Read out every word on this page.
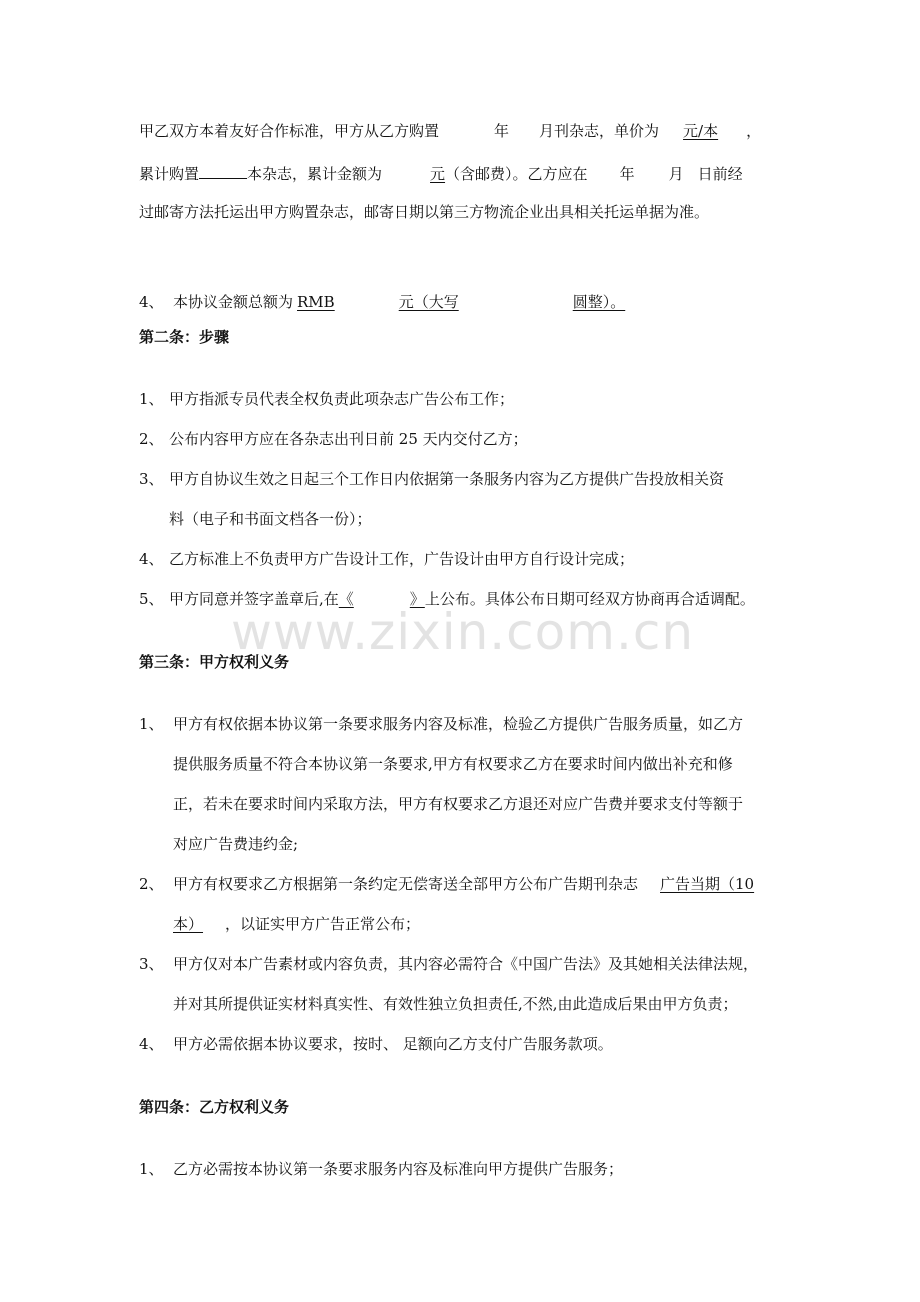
www.zixin.com.cn
甲乙双方本着友好合作标准，甲方从乙方购置	年 月刊杂志，单价为 元/本 ，
累计购置	本杂志，累计金额为	元（含邮费）。乙方应在 年 月 日前经
过邮寄方法托运出甲方购置杂志，邮寄日期以第三方物流企业出具相关托运单据为准。
4、 本协议金额总额为 RMB	元（大写	圆整）。
第二条：步骤
1、 甲方指派专员代表全权负责此项杂志广告公布工作；
2、 公布内容甲方应在各杂志出刊日前 25 天内交付乙方；
3、 甲方自协议生效之日起三个工作日内依据第一条服务内容为乙方提供广告投放相关资
料（电子和书面文档各一份）；
4、 乙方标准上不负责甲方广告设计工作，广告设计由甲方自行设计完成；
5、 甲方同意并签字盖章后,在《	》上公布。具体公布日期可经双方协商再合适调配。
第三条：甲方权利义务
1、 甲方有权依据本协议第一条要求服务内容及标准，检验乙方提供广告服务质量，如乙方
提供服务质量不符合本协议第一条要求,甲方有权要求乙方在要求时间内做出补充和修
正，若未在要求时间内采取方法，甲方有权要求乙方退还对应广告费并要求支付等额于
对应广告费违约金;
2、 甲方有权要求乙方根据第一条约定无偿寄送全部甲方公布广告期刊杂志 广告当期（10
本） ，以证实甲方广告正常公布；
3、 甲方仅对本广告素材或内容负责，其内容必需符合《中国广告法》及其她相关法律法规，
并对其所提供证实材料真实性、有效性独立负担责任,不然,由此造成后果由甲方负责；
4、 甲方必需依据本协议要求，按时、 足额向乙方支付广告服务款项。
第四条：乙方权利义务
1、 乙方必需按本协议第一条要求服务内容及标准向甲方提供广告服务；
